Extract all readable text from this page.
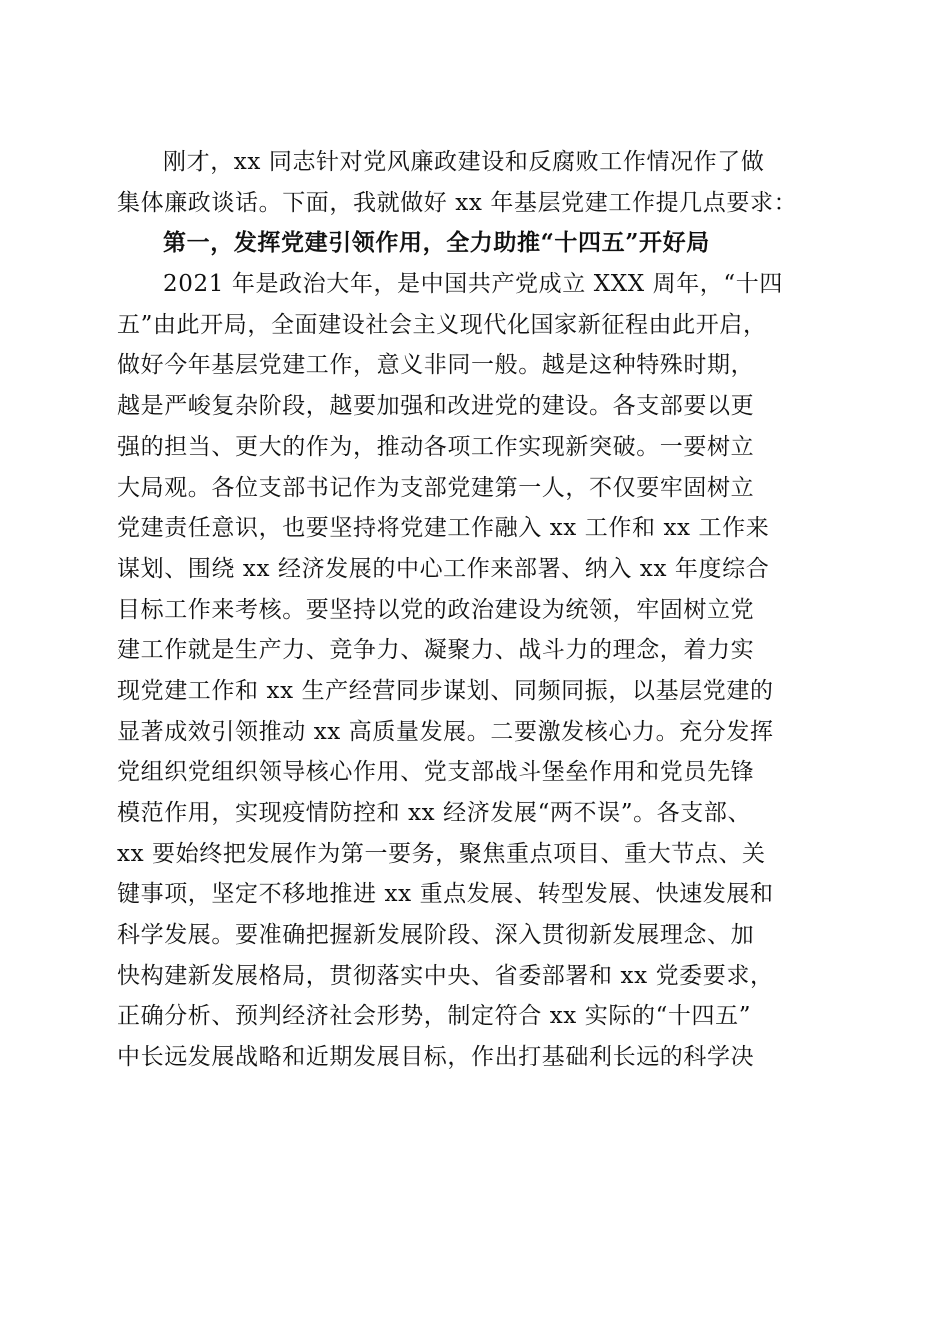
刚才，xx 同志针对党风廉政建设和反腐败工作情况作了做
集体廉政谈话。下面，我就做好 xx 年基层党建工作提几点要求：
第一，发挥党建引领作用，全力助推“十四五”开好局
2021 年是政治大年，是中国共产党成立 XXX 周年，“十四
五”由此开局，全面建设社会主义现代化国家新征程由此开启，
做好今年基层党建工作，意义非同一般。越是这种特殊时期，
越是严峻复杂阶段，越要加强和改进党的建设。各支部要以更
强的担当、更大的作为，推动各项工作实现新突破。一要树立
大局观。各位支部书记作为支部党建第一人，不仅要牢固树立
党建责任意识，也要坚持将党建工作融入 xx 工作和 xx 工作来
谋划、围绕 xx 经济发展的中心工作来部署、纳入 xx 年度综合
目标工作来考核。要坚持以党的政治建设为统领，牢固树立党
建工作就是生产力、竞争力、凝聚力、战斗力的理念，着力实
现党建工作和 xx 生产经营同步谋划、同频同振，以基层党建的
显著成效引领推动 xx 高质量发展。二要激发核心力。充分发挥
党组织党组织领导核心作用、党支部战斗堡垒作用和党员先锋
模范作用，实现疫情防控和 xx 经济发展“两不误”。各支部、
xx 要始终把发展作为第一要务，聚焦重点项目、重大节点、关
键事项，坚定不移地推进 xx 重点发展、转型发展、快速发展和
科学发展。要准确把握新发展阶段、深入贯彻新发展理念、加
快构建新发展格局，贯彻落实中央、省委部署和 xx 党委要求，
正确分析、预判经济社会形势，制定符合 xx 实际的“十四五”
中长远发展战略和近期发展目标，作出打基础利长远的科学决
